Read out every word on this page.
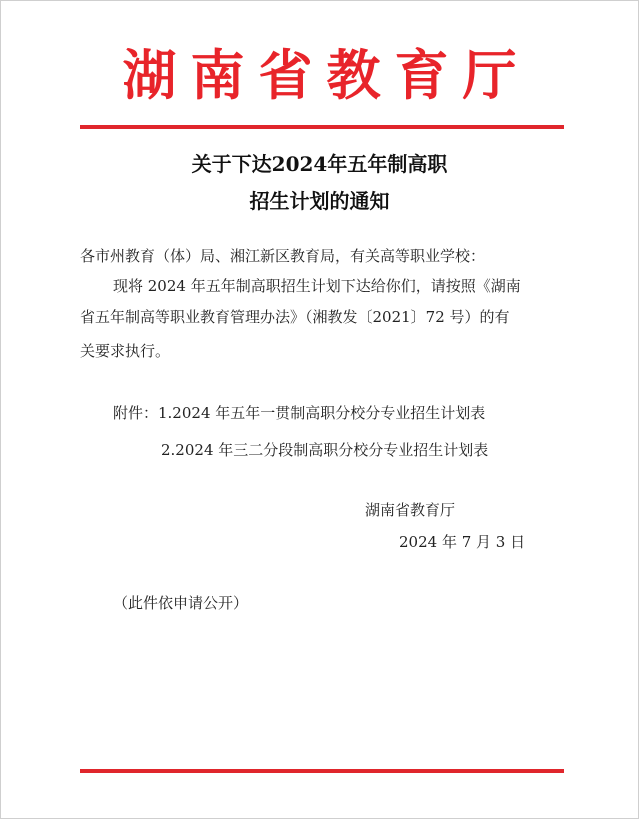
湖南省教育厅
关于下达2024年五年制高职
招生计划的通知
各市州教育（体）局、湘江新区教育局，有关高等职业学校：
现将 2024 年五年制高职招生计划下达给你们，请按照《湖南
省五年制高等职业教育管理办法》（湘教发〔2021〕72 号）的有
关要求执行。
附件：1.2024 年五年一贯制高职分校分专业招生计划表
2.2024 年三二分段制高职分校分专业招生计划表
湖南省教育厅
2024 年 7 月 3 日
（此件依申请公开）
